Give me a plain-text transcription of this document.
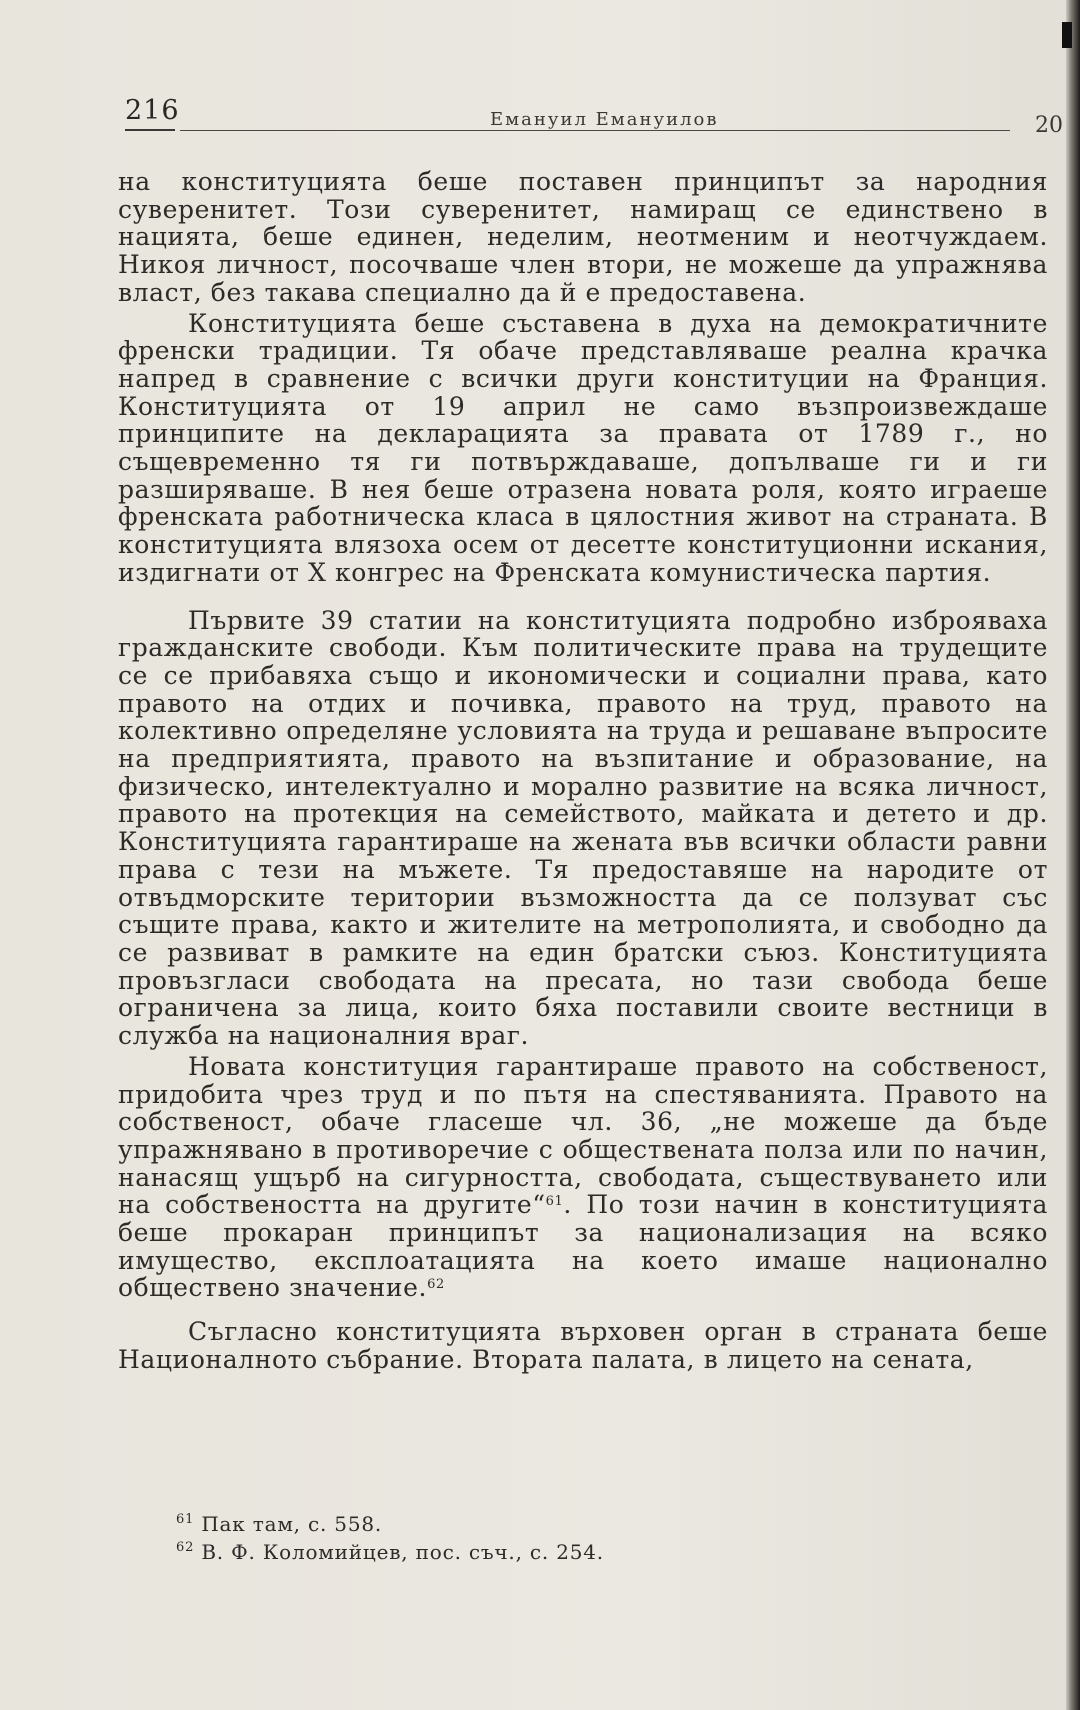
216	Емануил Емануилов	20

на конституцията беше поставен принципът за народния суверенитет. Този суверенитет, намиращ се единствено в нацията, беше единен, неделим, неотменим и неотчуждаем. Никоя личност, посочваше член втори, не можеше да упражнява власт, без такава специално да й е предоставена.

Конституцията беше съставена в духа на демократичните френски традиции. Тя обаче представляваше реална крачка напред в сравнение с всички други конституции на Франция. Конституцията от 19 април не само възпроизвеждаше принципите на декларацията за правата от 1789 г., но същевременно тя ги потвърждаваше, допълваше ги и ги разширяваше. В нея беше отразена новата роля, която играеше френската работническа класа в цялостния живот на страната. В конституцията влязоха осем от десетте конституционни искания, издигнати от X конгрес на Френската комунистическа партия.

Първите 39 статии на конституцията подробно изброяваха гражданските свободи. Към политическите права на трудещите се се прибавяха също и икономически и социални права, като правото на отдих и почивка, правото на труд, правото на колективно определяне условията на труда и решаване въпросите на предприятията, правото на възпитание и образование, на физическо, интелектуално и морално развитие на всяка личност, правото на протекция на семейството, майката и детето и др. Конституцията гарантираше на жената във всички области равни права с тези на мъжете. Тя предоставяше на народите от отвъдморските територии възможността да се ползуват със същите права, както и жителите на метрополията, и свободно да се развиват в рамките на един братски съюз. Конституцията провъзгласи свободата на пресата, но тази свобода беше ограничена за лица, които бяха поставили своите вестници в служба на националния враг.

Новата конституция гарантираше правото на собственост, придобита чрез труд и по пътя на спестяванията. Правото на собственост, обаче гласеше чл. 36, „не можеше да бъде упражнявано в противоречие с обществената полза или по начин, нанасящ ущърб на сигурността, свободата, съществуването или на собствеността на другите“$^{61}$. По този начин в конституцията беше прокаран принципът за национализация на всяко имущество, експлоатацията на което имаше национално обществено значение.$^{62}$

Съгласно конституцията върховен орган в страната беше Националното събрание. Втората палата, в лицето на сената,

$^{61}$ Пак там, с. 558.
$^{62}$ В. Ф. Коломийцев, пос. съч., с. 254.
